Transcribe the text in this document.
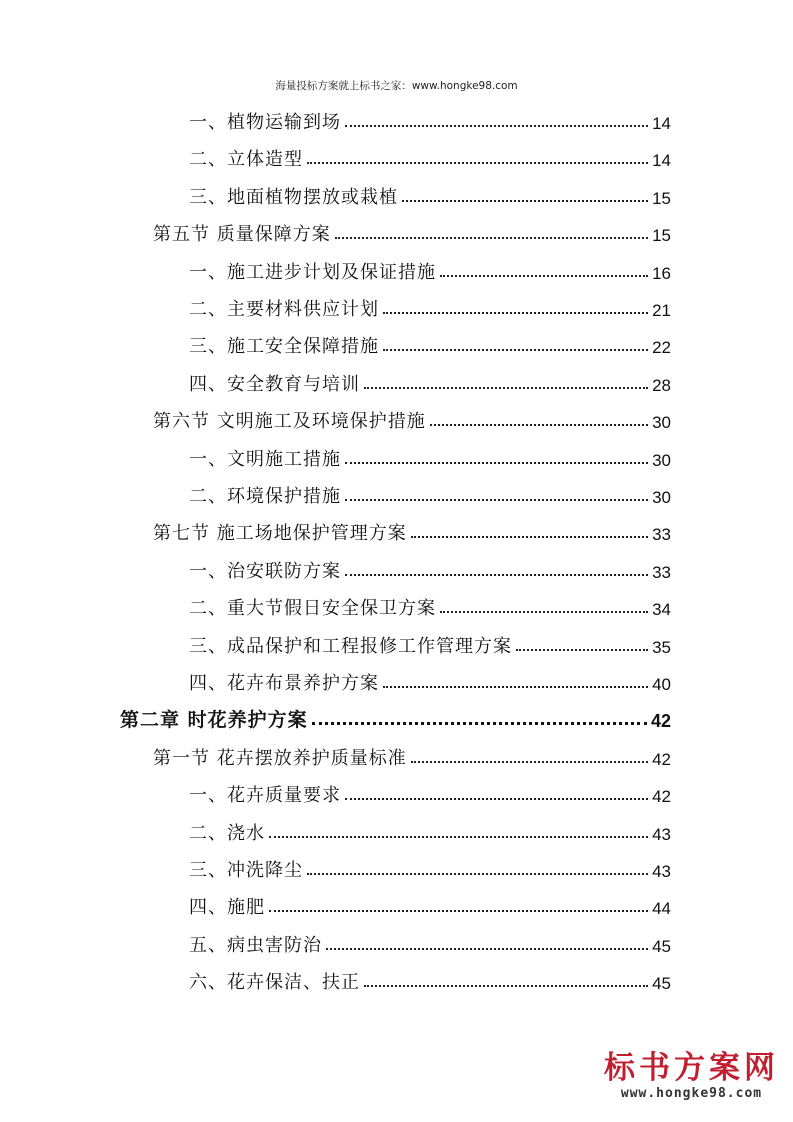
海量投标方案就上标书之家：www.hongke98.com
一、植物运输到场	14
二、立体造型	14
三、地面植物摆放或栽植	15
第五节 质量保障方案	15
一、施工进步计划及保证措施	16
二、主要材料供应计划	21
三、施工安全保障措施	22
四、安全教育与培训	28
第六节 文明施工及环境保护措施	30
一、文明施工措施	30
二、环境保护措施	30
第七节 施工场地保护管理方案	33
一、治安联防方案	33
二、重大节假日安全保卫方案	34
三、成品保护和工程报修工作管理方案	35
四、花卉布景养护方案	40
第二章 时花养护方案	42
第一节 花卉摆放养护质量标准	42
一、花卉质量要求	42
二、浇水	43
三、冲洗降尘	43
四、施肥	44
五、病虫害防治	45
六、花卉保洁、扶正	45
标书方案网
www.hongke98.com
